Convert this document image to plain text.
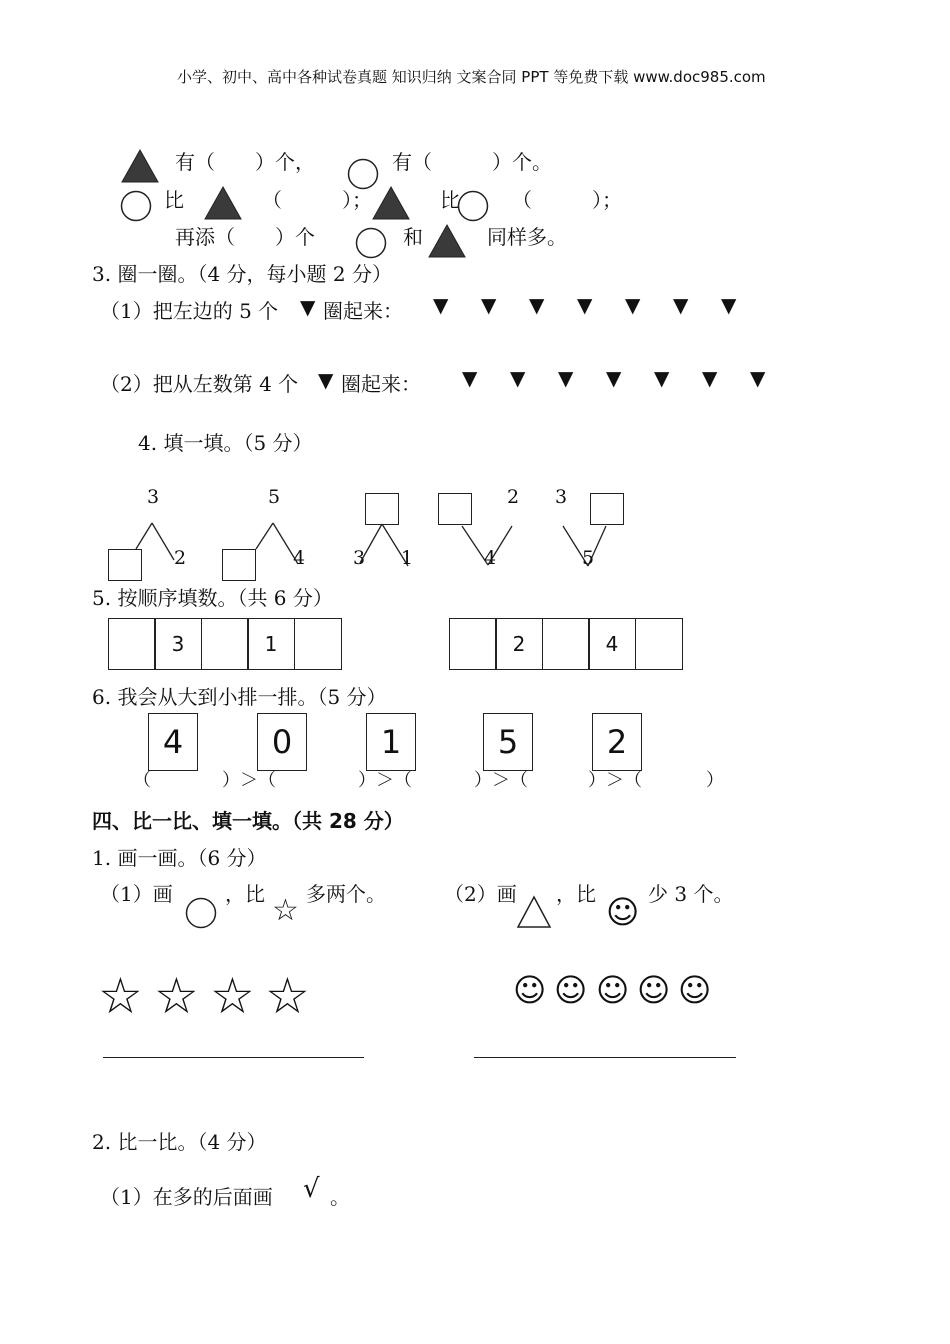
小学、初中、高中各种试卷真题 知识归纳 文案合同 PPT 等免费下载 www.doc985.com
有（　　）个，	有（　　　）个。
比	（　　　）；	比	（　　　）；
再添（　　）个	和	同样多。
3. 圈一圈。（4 分，每小题 2 分）
（1）把左边的 5 个 ▼ 圈起来： ▼ ▼ ▼ ▼ ▼ ▼ ▼
（2）把从左数第 4 个 ▼ 圈起来： ▼ ▼ ▼ ▼ ▼ ▼ ▼
4. 填一填。（5 分）
3
2
5
4	3 1
2
4
3
5
5. 按顺序填数。（共 6 分）
3	1	2	4
6. 我会从大到小排一排。（5 分）
4	0	1	5	2
（	）＞（	）＞（	）＞（	）＞（	）
四、比一比、填一填。（共 28 分）
1. 画一画。（6 分）
（1）画	，比 ☆ 多两个。	（2）画 ，比 ☺ 少 3 个。
☆ ☆ ☆ ☆	☺ ☺ ☺ ☺ ☺
2. 比一比。（4 分）
（1）在多的后面画 √ 。
